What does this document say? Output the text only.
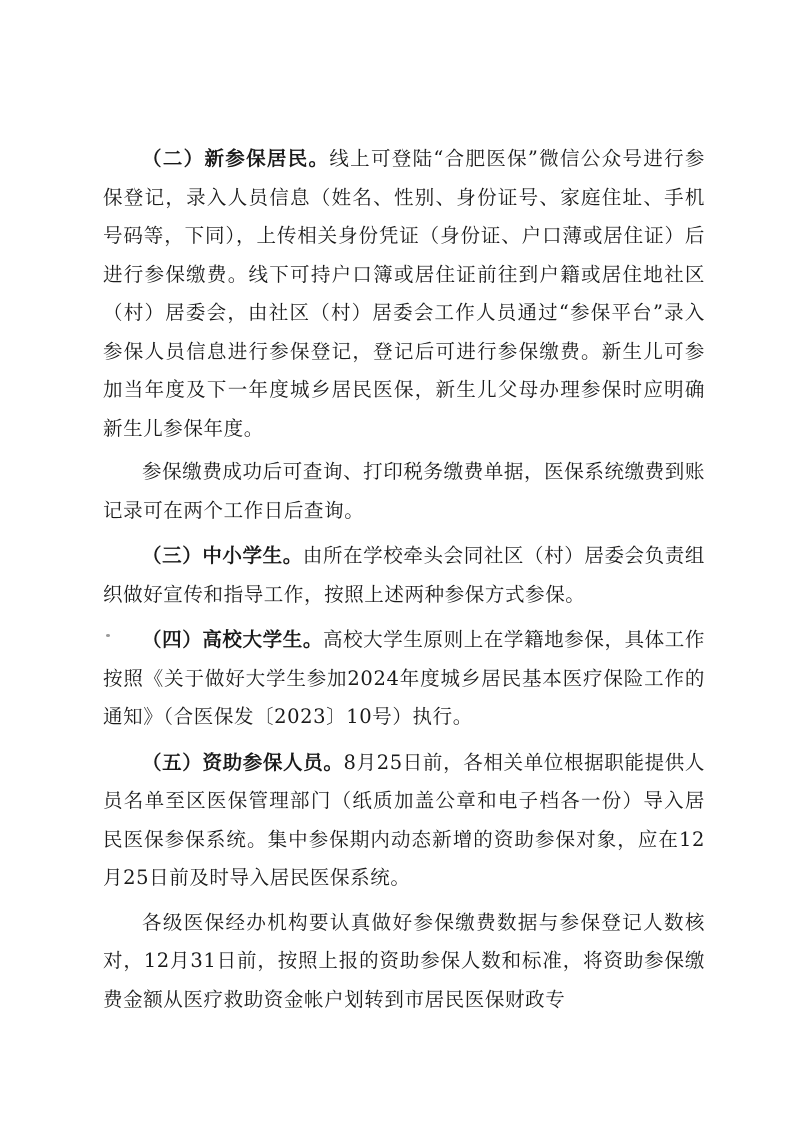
（二）新参保居民。线上可登陆“合肥医保”微信公众号进行参保登记，录入人员信息（姓名、性别、身份证号、家庭住址、手机号码等，下同），上传相关身份凭证（身份证、户口薄或居住证）后进行参保缴费。线下可持户口簿或居住证前往到户籍或居住地社区（村）居委会，由社区（村）居委会工作人员通过“参保平台”录入参保人员信息进行参保登记，登记后可进行参保缴费。新生儿可参加当年度及下一年度城乡居民医保，新生儿父母办理参保时应明确新生儿参保年度。

参保缴费成功后可查询、打印税务缴费单据，医保系统缴费到账记录可在两个工作日后查询。

（三）中小学生。由所在学校牵头会同社区（村）居委会负责组织做好宣传和指导工作，按照上述两种参保方式参保。

（四）高校大学生。高校大学生原则上在学籍地参保，具体工作按照《关于做好大学生参加2024年度城乡居民基本医疗保险工作的通知》（合医保发〔2023〕10号）执行。

（五）资助参保人员。8月25日前，各相关单位根据职能提供人员名单至区医保管理部门（纸质加盖公章和电子档各一份）导入居民医保参保系统。集中参保期内动态新增的资助参保对象，应在12月25日前及时导入居民医保系统。

各级医保经办机构要认真做好参保缴费数据与参保登记人数核对，12月31日前，按照上报的资助参保人数和标准，将资助参保缴费金额从医疗救助资金帐户划转到市居民医保财政专
